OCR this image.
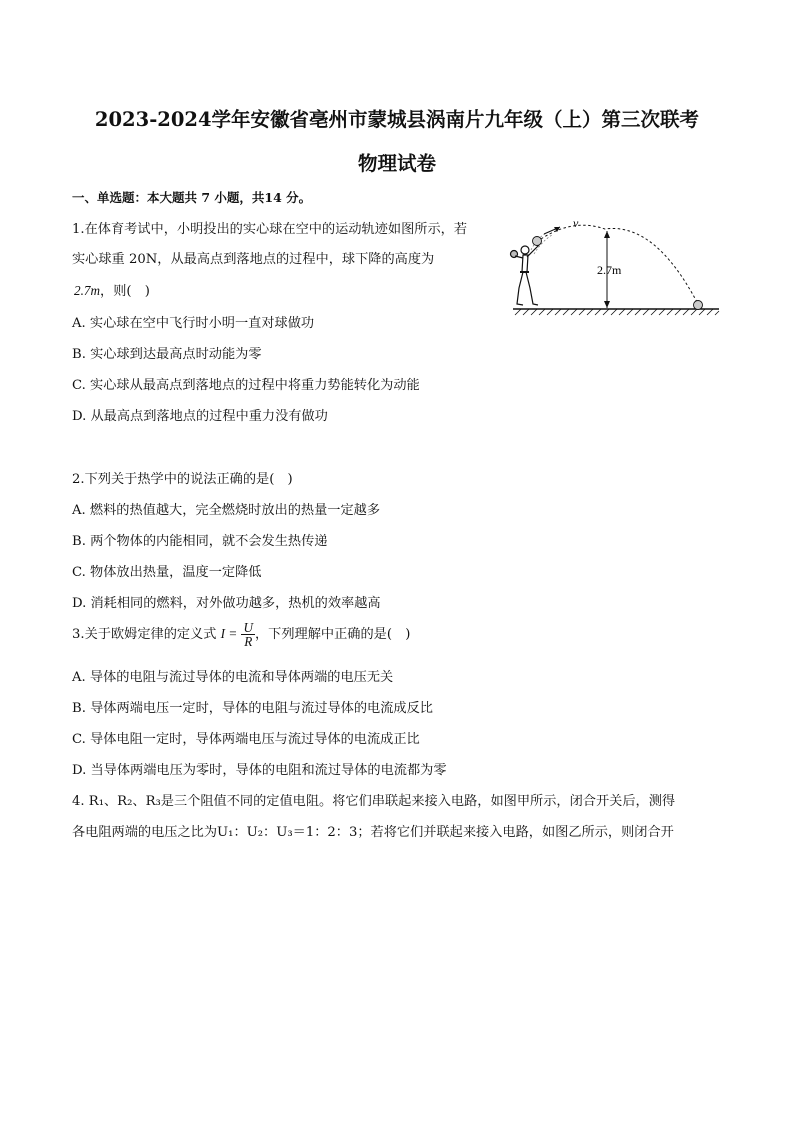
2023-2024学年安徽省亳州市蒙城县涡南片九年级（上）第三次联考
物理试卷
一、单选题：本大题共 7 小题，共14 分。
1.在体育考试中，小明投出的实心球在空中的运动轨迹如图所示，若
实心球重 20N，从最高点到落地点的过程中，球下降的高度为
2.7m，则(　)
A. 实心球在空中飞行时小明一直对球做功
B. 实心球到达最高点时动能为零
C. 实心球从最高点到落地点的过程中将重力势能转化为动能
D. 从最高点到落地点的过程中重力没有做功
v
2.7m
2.下列关于热学中的说法正确的是(　)
A. 燃料的热值越大，完全燃烧时放出的热量一定越多
B. 两个物体的内能相同，就不会发生热传递
C. 物体放出热量，温度一定降低
D. 消耗相同的燃料，对外做功越多，热机的效率越高
3.关于欧姆定律的定义式 $I = \frac{U}{R}$ ，下列理解中正确的是(　)
A. 导体的电阻与流过导体的电流和导体两端的电压无关
B. 导体两端电压一定时，导体的电阻与流过导体的电流成反比
C. 导体电阻一定时，导体两端电压与流过导体的电流成正比
D. 当导体两端电压为零时，导体的电阻和流过导体的电流都为零
4. R₁、R₂、R₃是三个阻值不同的定值电阻。将它们串联起来接入电路，如图甲所示，闭合开关后，测得
各电阻两端的电压之比为U₁：U₂：U₃＝1：2：3；若将它们并联起来接入电路，如图乙所示，则闭合开
